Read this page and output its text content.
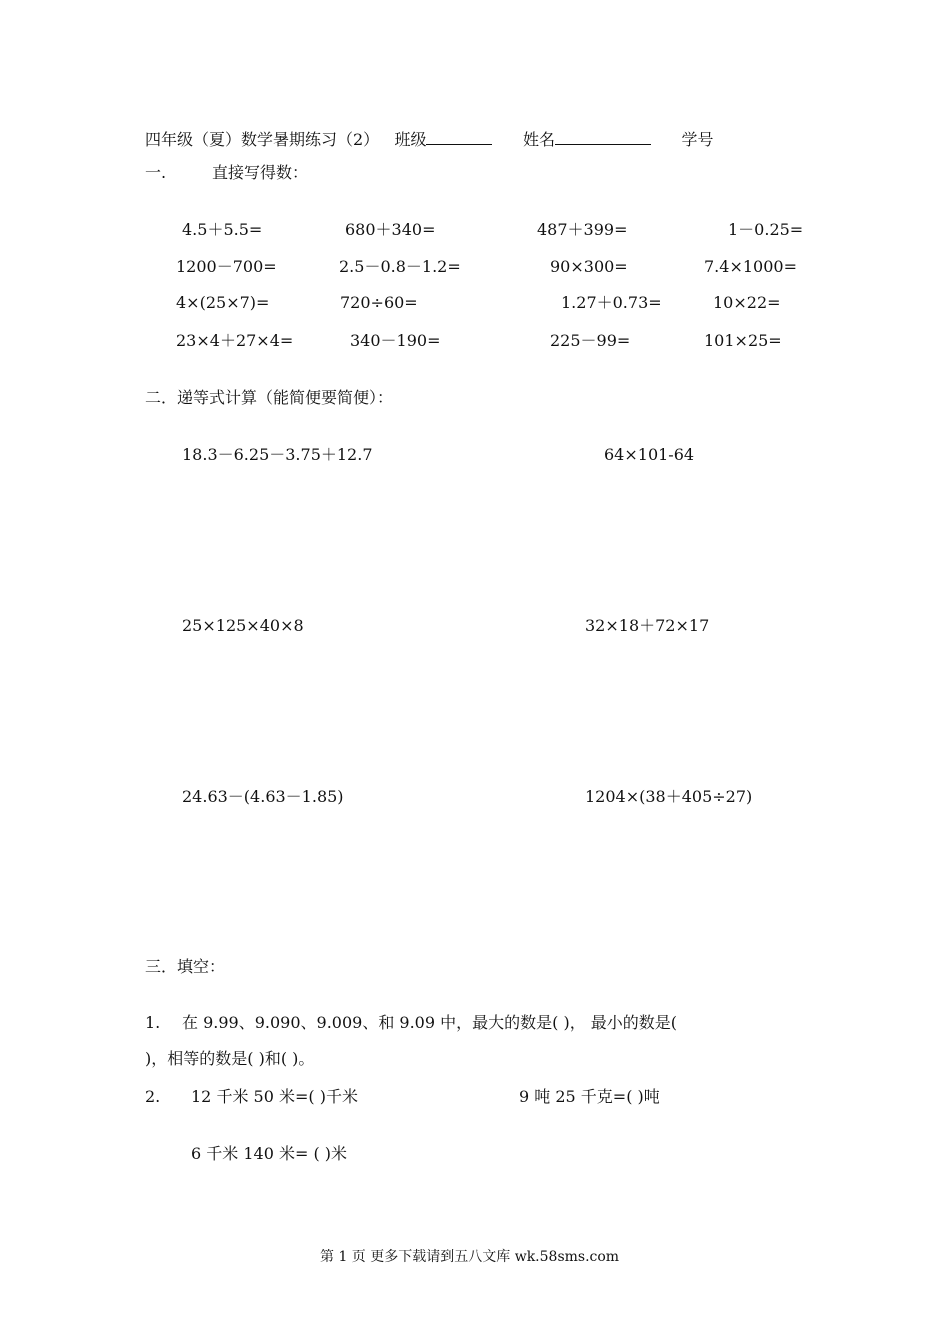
四年级（夏）数学暑期练习（2） 班级	姓名	学号
一.	直接写得数：
4.5＋5.5=	680＋340=	487＋399=	1－0.25=
1200－700=	2.5－0.8－1.2=	90×300=	7.4×1000=
4×(25×7)=	720÷60=	1.27＋0.73=	10×22=
23×4＋27×4=	340－190=	225－99=	101×25=
二．递等式计算（能简便要简便）：
18.3－6.25－3.75＋12.7	64×101-64
25×125×40×8	32×18＋72×17
24.63－(4.63－1.85)	1204×(38＋405÷27)
三．填空：
1. 在 9.99、9.090、9.009、和 9.09 中，最大的数是( )， 最小的数是(
)，相等的数是( )和( )。
2. 12 千米 50 米=( )千米	9 吨 25 千克=( )吨
6 千米 140 米= ( )米
第 1 页 更多下载请到五八文库 wk.58sms.com
